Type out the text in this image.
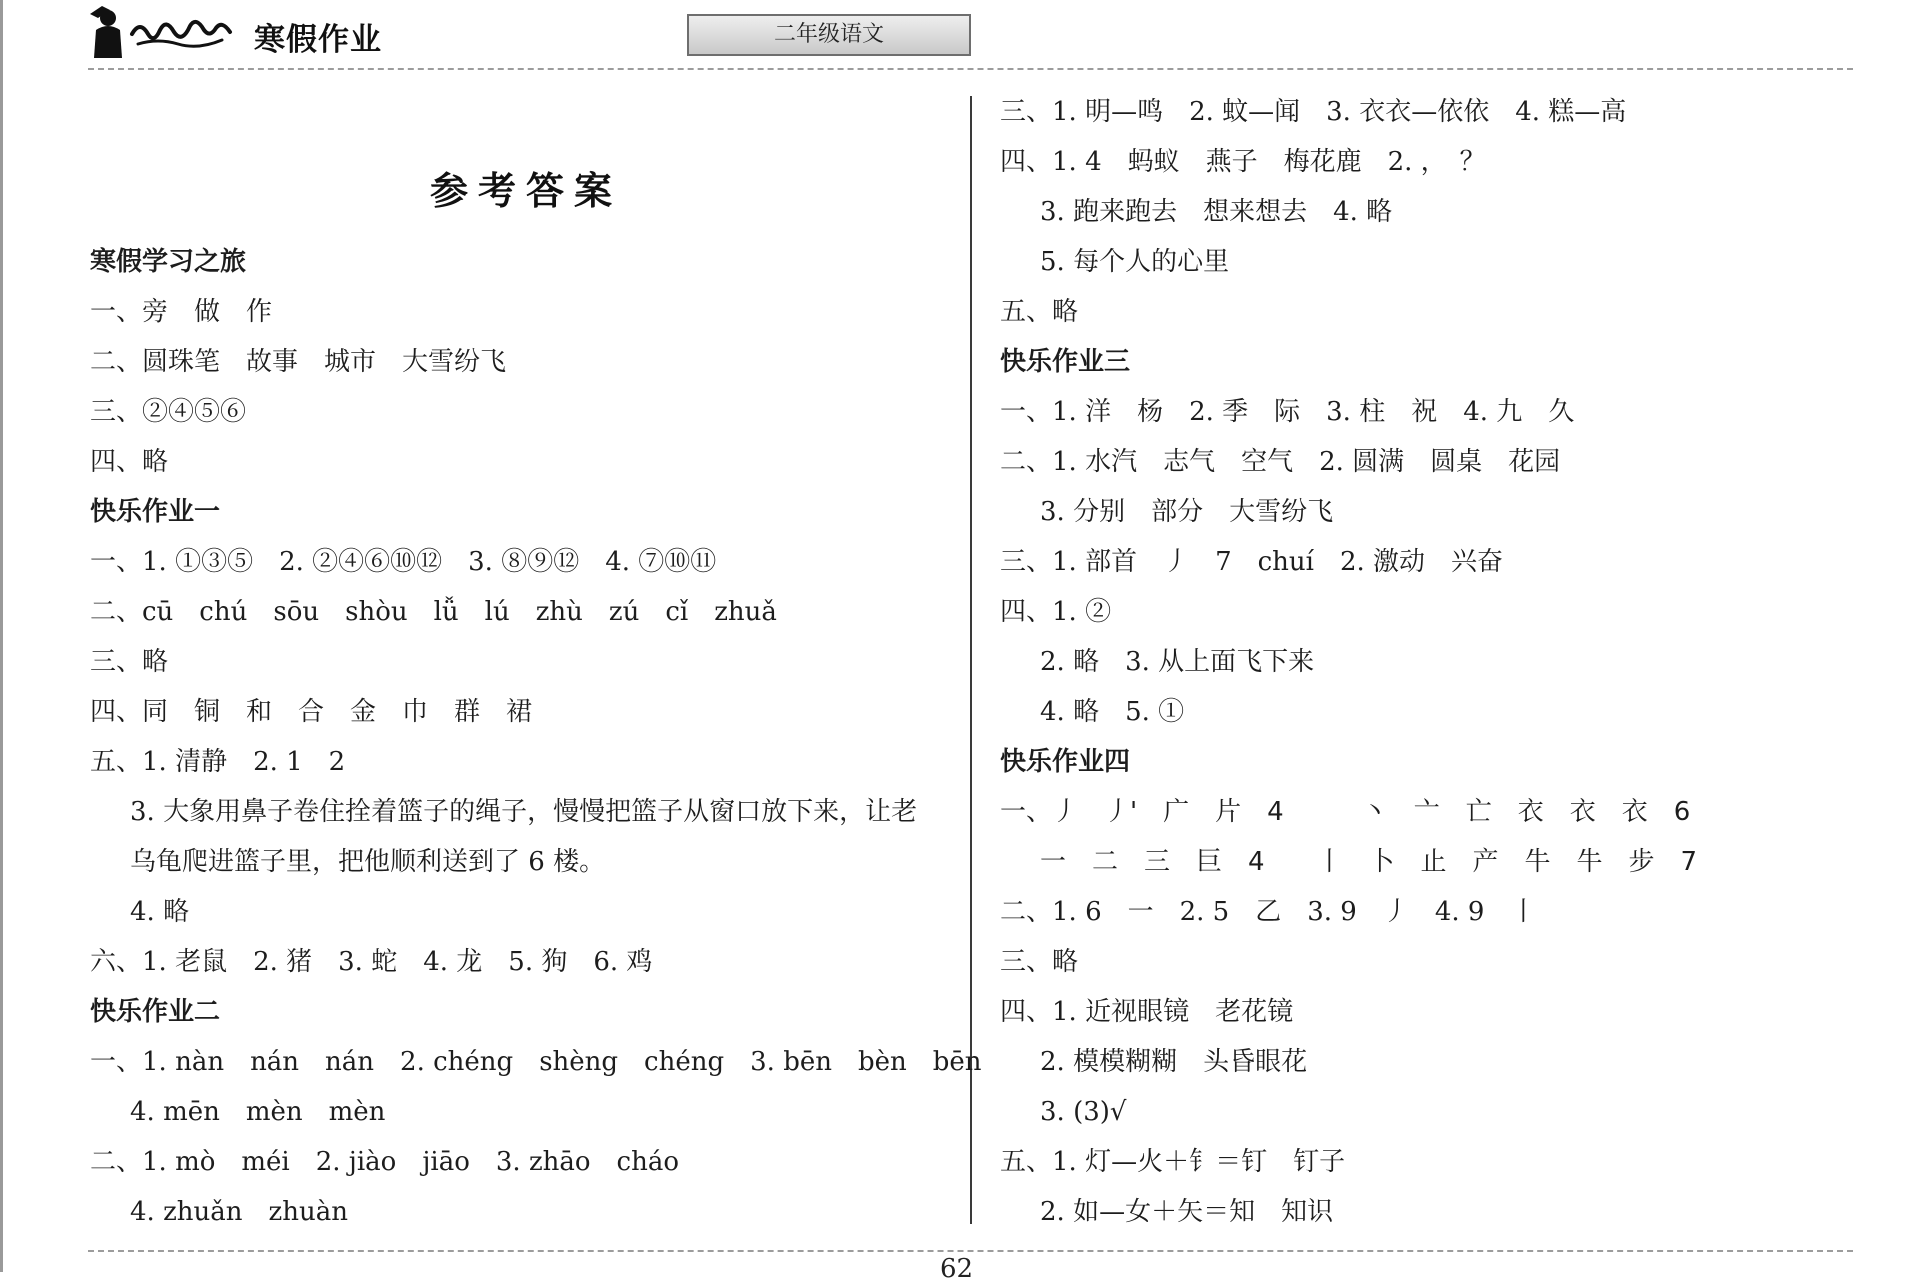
寒假作业	二年级语文
参考答案
寒假学习之旅
一、旁　做　作
二、圆珠笔　故事　城市　大雪纷飞
三、②④⑤⑥
四、略
快乐作业一
一、1. ①③⑤　2. ②④⑥⑩⑫　3. ⑧⑨⑫　4. ⑦⑩⑪
二、cū　chú　sōu　shòu　lǚ　lú　zhù　zú　cǐ　zhuǎ
三、略
四、同　铜　和　合　金　巾　群　裙
五、1. 清静　2. 1　2
3. 大象用鼻子卷住拴着篮子的绳子，慢慢把篮子从窗口放下来，让老
乌龟爬进篮子里，把他顺利送到了 6 楼。
4. 略
六、1. 老鼠　2. 猪　3. 蛇　4. 龙　5. 狗　6. 鸡
快乐作业二
一、1. nàn　nán　nán　2. chéng　shèng　chéng　3. bēn　bèn　bēn
4. mēn　mèn　mèn
二、1. mò　méi　2. jiào　jiāo　3. zhāo　cháo
4. zhuǎn　zhuàn
三、1. 明—鸣　2. 蚊—闻　3. 衣衣—依依　4. 糕—高
四、1. 4　蚂蚁　燕子　梅花鹿　2. ，　？
3. 跑来跑去　想来想去　4. 略
5. 每个人的心里
五、略
快乐作业三
一、1. 洋　杨　2. 季　际　3. 柱　祝　4. 九　久
二、1. 水汽　志气　空气　2. 圆满　圆桌　花园
3. 分别　部分　大雪纷飞
三、1. 部首　丿　7　chuí　2. 激动　兴奋
四、1. ②
2. 略　3. 从上面飞下来
4. 略　5. ①
快乐作业四
一、丿　丿'　广　片　4　　　丶　亠　亡　衣　衣　衣　6
一　二　三　巨　4　　丨　卜　止　产　牛　牛　步　7
二、1. 6　一　2. 5　乙　3. 9　丿　4. 9　丨
三、略
四、1. 近视眼镜　老花镜
2. 模模糊糊　头昏眼花
3. (3)√
五、1. 灯—火＋钅＝钉　钉子
2. 如—女＋矢＝知　知识
62
